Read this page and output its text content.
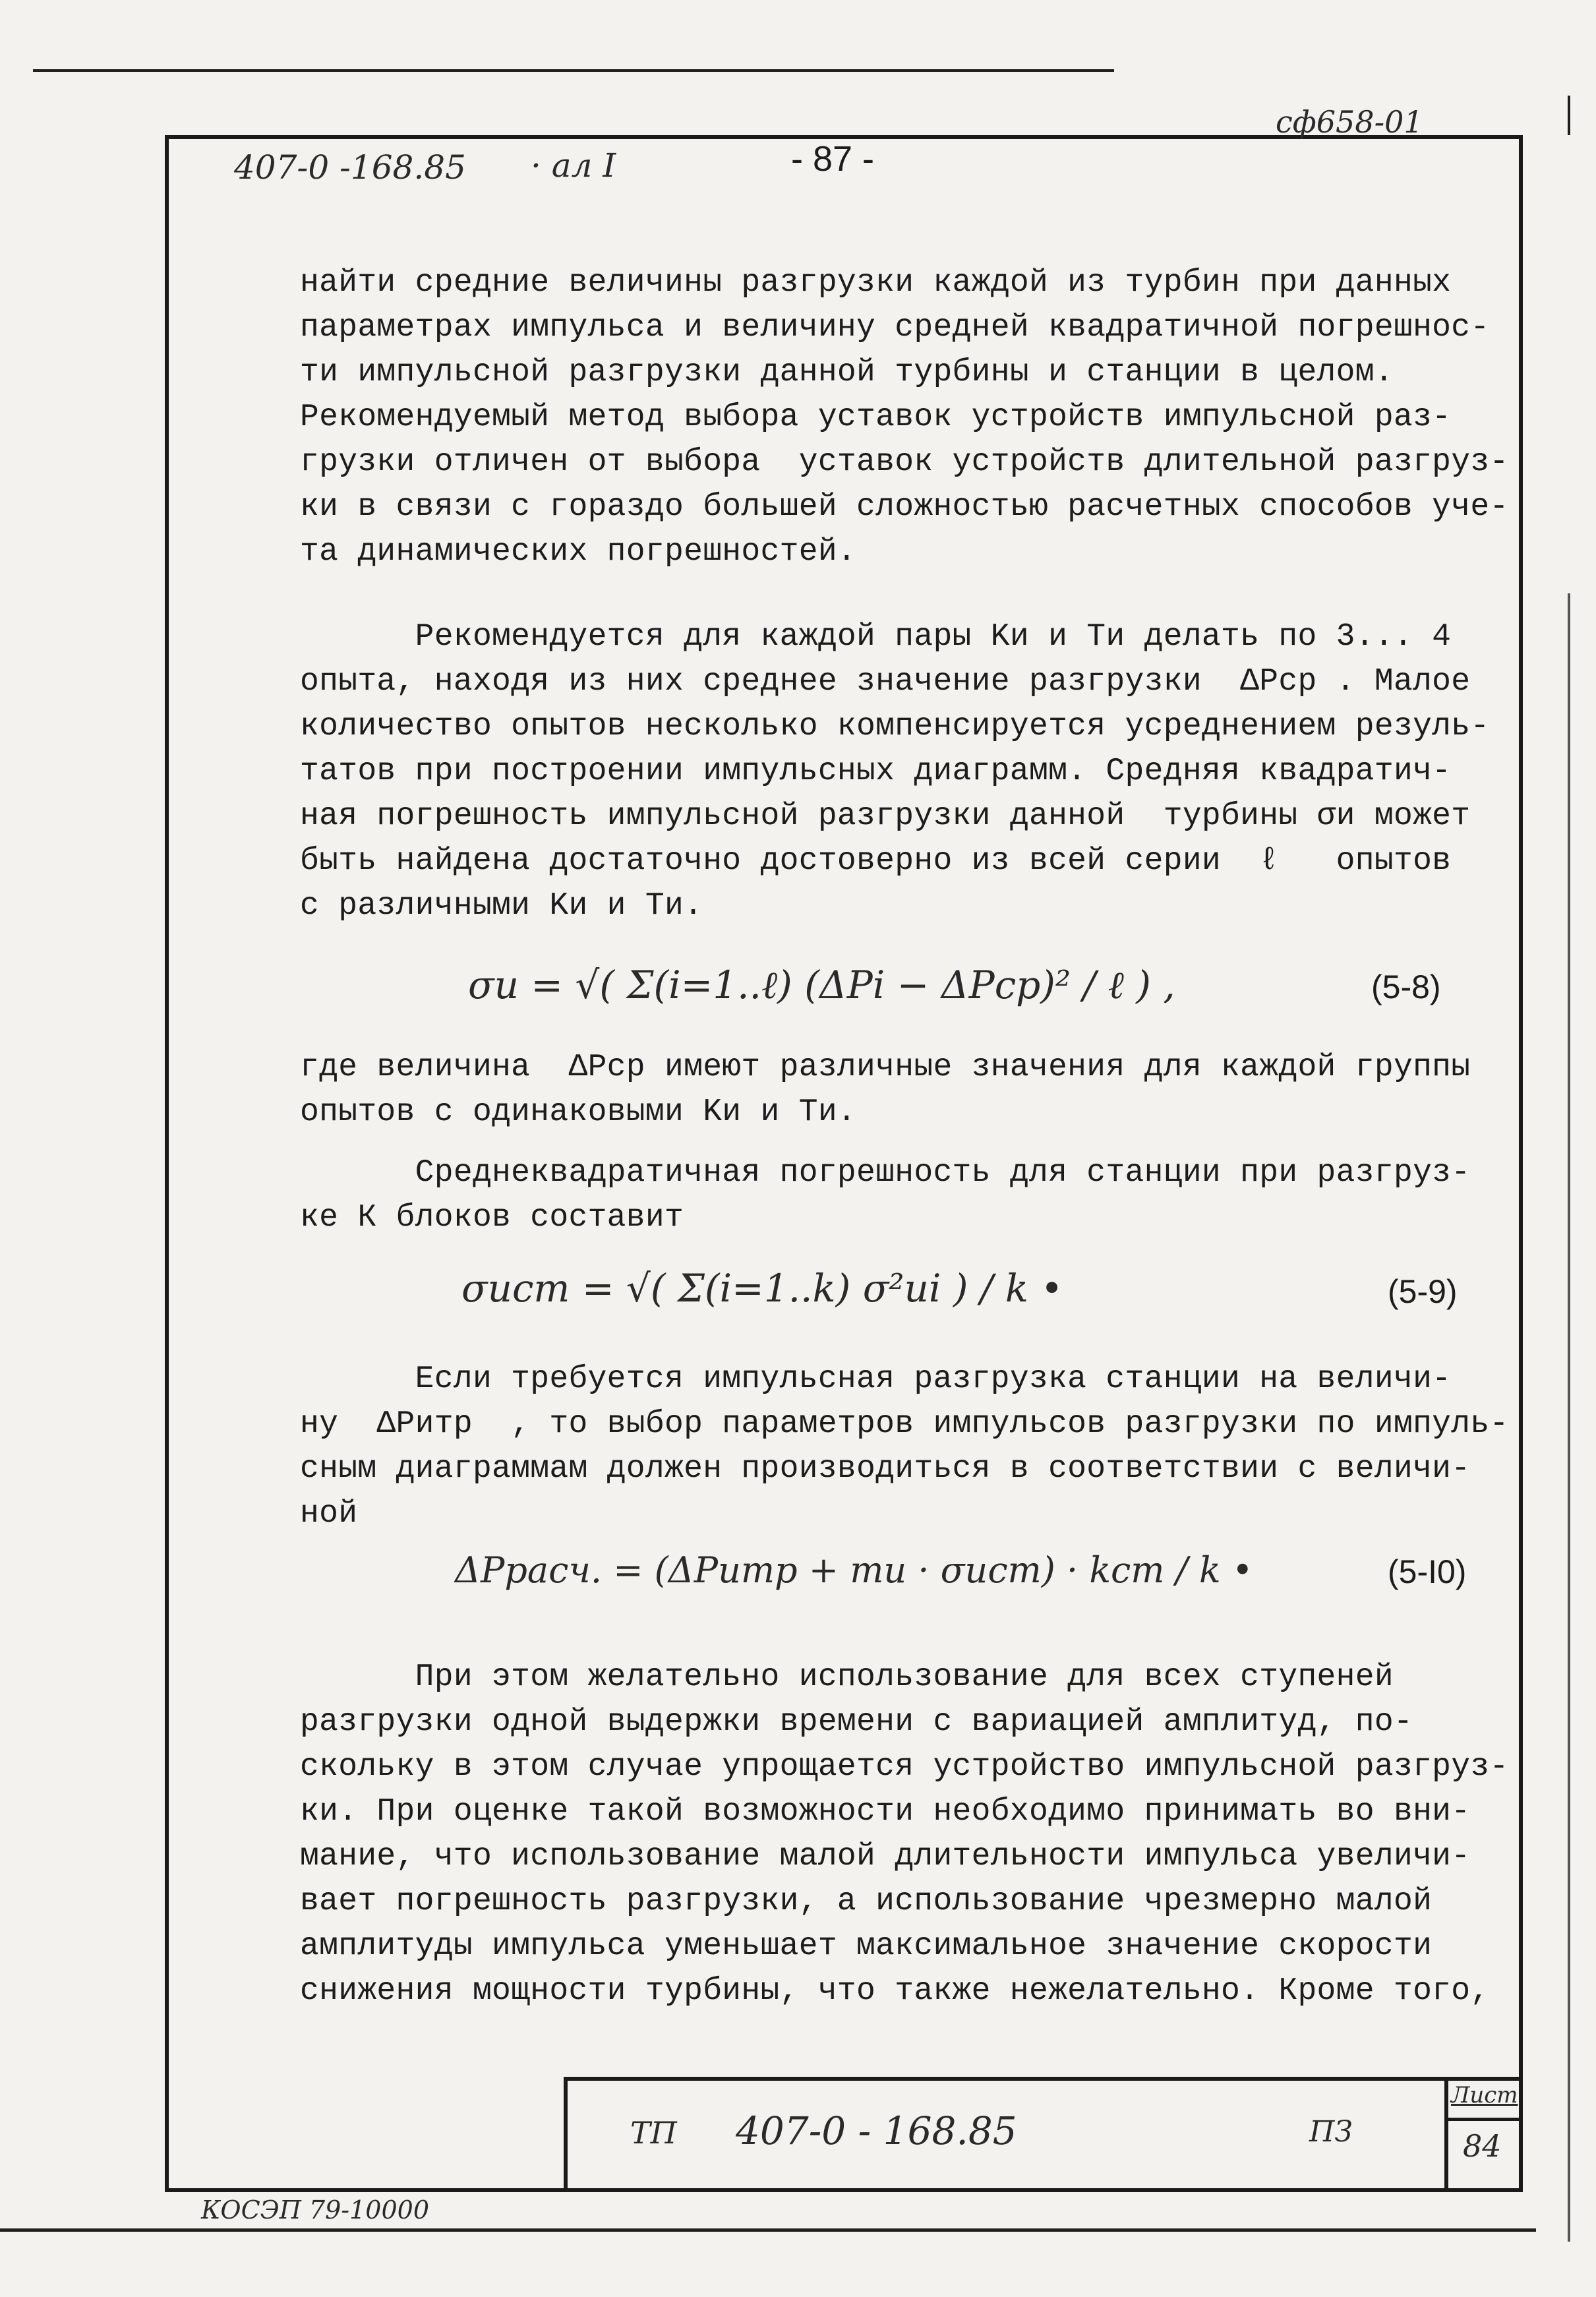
сф658-01
407-0 -168.85 · ал I	- 87 -
найти средние величины разгрузки каждой из турбин при данных
параметрах импульса и величину средней квадратичной погрешнос-
ти импульсной разгрузки данной турбины и станции в целом.
Рекомендуемый метод выбора уставок устройств импульсной раз-
грузки отличен от выбора  уставок устройств длительной разгруз-
ки в связи с гораздо большей сложностью расчетных способов уче-
та динамических погрешностей.
Рекомендуется для каждой пары Kи и Tи делать по 3... 4
опыта, находя из них среднее значение разгрузки  ΔPср . Малое
количество опытов несколько компенсируется усреднением резуль-
татов при построении импульсных диаграмм. Средняя квадратич-
ная погрешность импульсной разгрузки данной  турбины σи может
быть найдена достаточно достоверно из всей серии  ℓ   опытов
с различными Kи и Tи.
σи = √( Σ(i=1..ℓ) (ΔPi − ΔPср)² / ℓ ) ,	(5-8)
где величина  ΔPср имеют различные значения для каждой группы
опытов с одинаковыми Kи и Tи.
Среднеквадратичная погрешность для станции при разгруз-
ке К блоков составит
σист = √( Σ(i=1..k) σ²иi ) / k •	(5-9)
Если требуется импульсная разгрузка станции на величи-
ну  ΔPитр  , то выбор параметров импульсов разгрузки по импуль-
сным диаграммам должен производиться в соответствии с величи-
ной
ΔPрасч. = (ΔPитр + mи · σист) · kст / k •	(5-I0)
При этом желательно использование для всех ступеней
разгрузки одной выдержки времени с вариацией амплитуд, по-
скольку в этом случае упрощается устройство импульсной разгруз-
ки. При оценке такой возможности необходимо принимать во вни-
мание, что использование малой длительности импульса увеличи-
вает погрешность разгрузки, а использование чрезмерно малой
амплитуды импульса уменьшает максимальное значение скорости
снижения мощности турбины, что также нежелательно. Кроме того,
ТП 407-0 - 168.85	ПЗ
Лист
84
КОСЭП 79-10000
